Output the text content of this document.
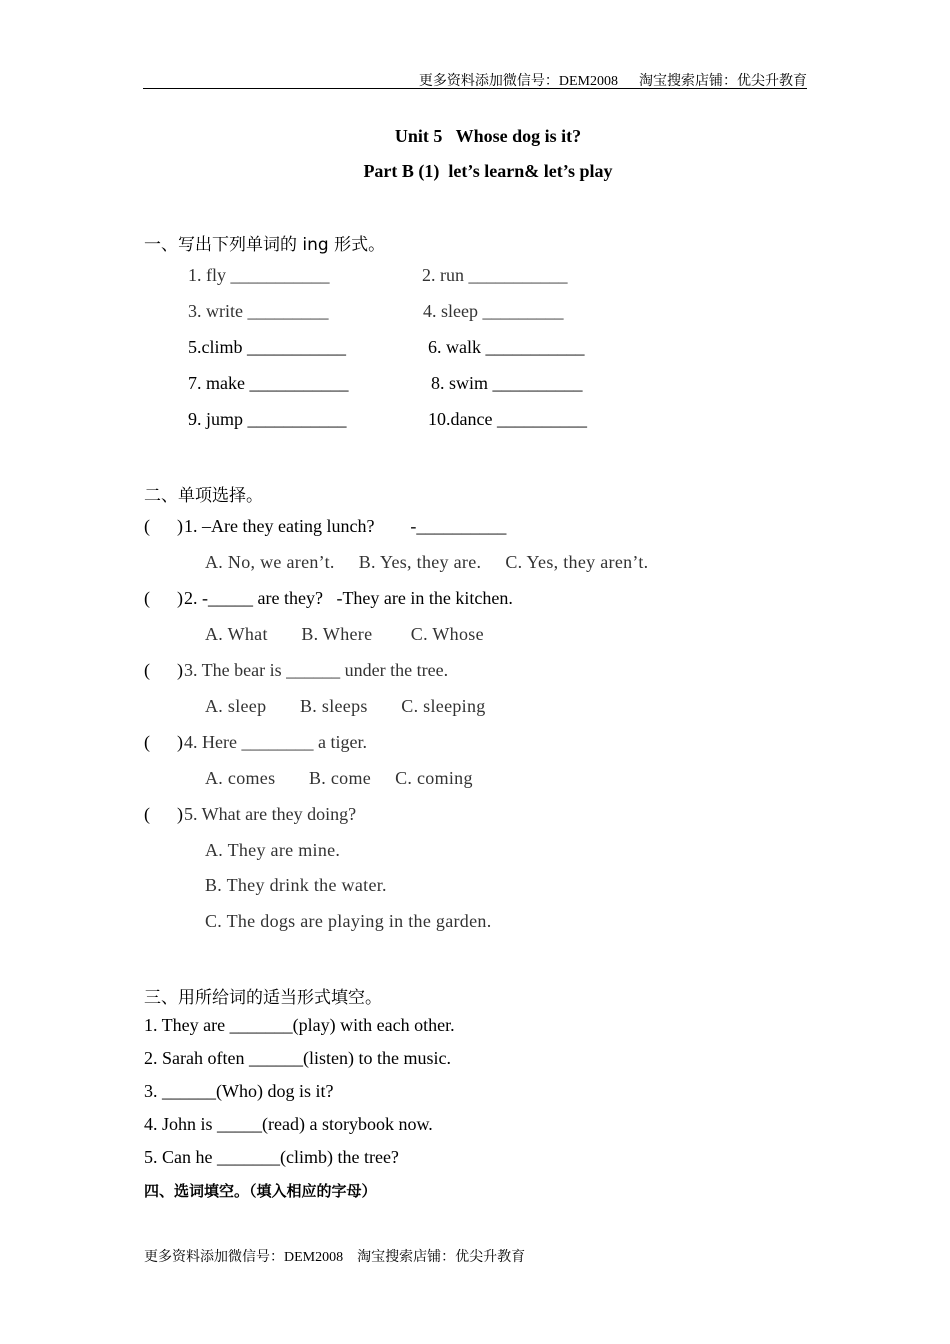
更多资料添加微信号：DEM2008      淘宝搜索店铺：优尖升教育
Unit 5   Whose dog is it?
Part B (1)  let’s learn& let’s play
一、写出下列单词的 ing 形式。
1. fly ___________	2. run ___________
3. write _________	4. sleep _________
5.climb ___________	6. walk ___________
7. make ___________	8. swim __________
9. jump ___________	10.dance __________
二、单项选择。
(      ) 1. –Are they eating lunch?        -__________
A. No, we aren’t.     B. Yes, they are.     C. Yes, they aren’t.
(      ) 2. -_____ are they?   -They are in the kitchen.
A. What       B. Where        C. Whose
(      ) 3. The bear is ______ under the tree.
A. sleep       B. sleeps       C. sleeping
(      ) 4. Here ________ a tiger.
A. comes       B. come     C. coming
(      ) 5. What are they doing?
A. They are mine.
B. They drink the water.
C. The dogs are playing in the garden.
三、用所给词的适当形式填空。
1. They are _______(play) with each other.
2. Sarah often ______(listen) to the music.
3. ______(Who) dog is it?
4. John is _____(read) a storybook now.
5. Can he _______(climb) the tree?
四、选词填空。（填入相应的字母）
更多资料添加微信号：DEM2008    淘宝搜索店铺：优尖升教育
